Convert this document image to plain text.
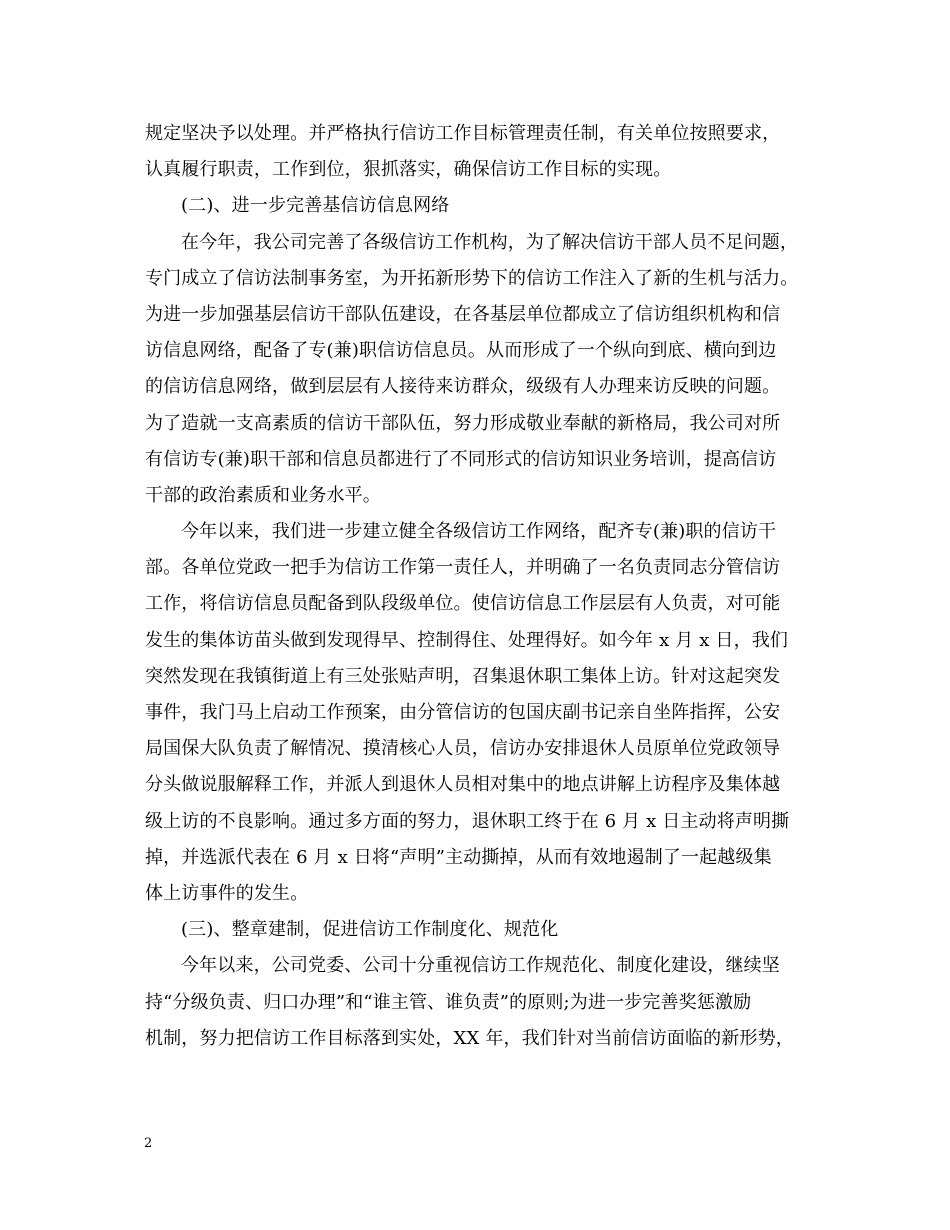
规定坚决予以处理。并严格执行信访工作目标管理责任制，有关单位按照要求，
认真履行职责，工作到位，狠抓落实，确保信访工作目标的实现。
(二)、进一步完善基信访信息网络
在今年，我公司完善了各级信访工作机构，为了解决信访干部人员不足问题，
专门成立了信访法制事务室，为开拓新形势下的信访工作注入了新的生机与活力。
为进一步加强基层信访干部队伍建设，在各基层单位都成立了信访组织机构和信
访信息网络，配备了专(兼)职信访信息员。从而形成了一个纵向到底、横向到边
的信访信息网络，做到层层有人接待来访群众，级级有人办理来访反映的问题。
为了造就一支高素质的信访干部队伍，努力形成敬业奉献的新格局，我公司对所
有信访专(兼)职干部和信息员都进行了不同形式的信访知识业务培训，提高信访
干部的政治素质和业务水平。
今年以来，我们进一步建立健全各级信访工作网络，配齐专(兼)职的信访干
部。各单位党政一把手为信访工作第一责任人，并明确了一名负责同志分管信访
工作，将信访信息员配备到队段级单位。使信访信息工作层层有人负责，对可能
发生的集体访苗头做到发现得早、控制得住、处理得好。如今年 x 月 x 日，我们
突然发现在我镇街道上有三处张贴声明，召集退休职工集体上访。针对这起突发
事件，我门马上启动工作预案，由分管信访的包国庆副书记亲自坐阵指挥，公安
局国保大队负责了解情况、摸清核心人员，信访办安排退休人员原单位党政领导
分头做说服解释工作，并派人到退休人员相对集中的地点讲解上访程序及集体越
级上访的不良影响。通过多方面的努力，退休职工终于在 6 月 x 日主动将声明撕
掉，并选派代表在 6 月 x 日将“声明”主动撕掉，从而有效地遏制了一起越级集
体上访事件的发生。
(三)、整章建制，促进信访工作制度化、规范化
今年以来，公司党委、公司十分重视信访工作规范化、制度化建设，继续坚
持“分级负责、归口办理”和“谁主管、谁负责”的原则;为进一步完善奖惩激励
机制，努力把信访工作目标落到实处，XX 年，我们针对当前信访面临的新形势，
2
